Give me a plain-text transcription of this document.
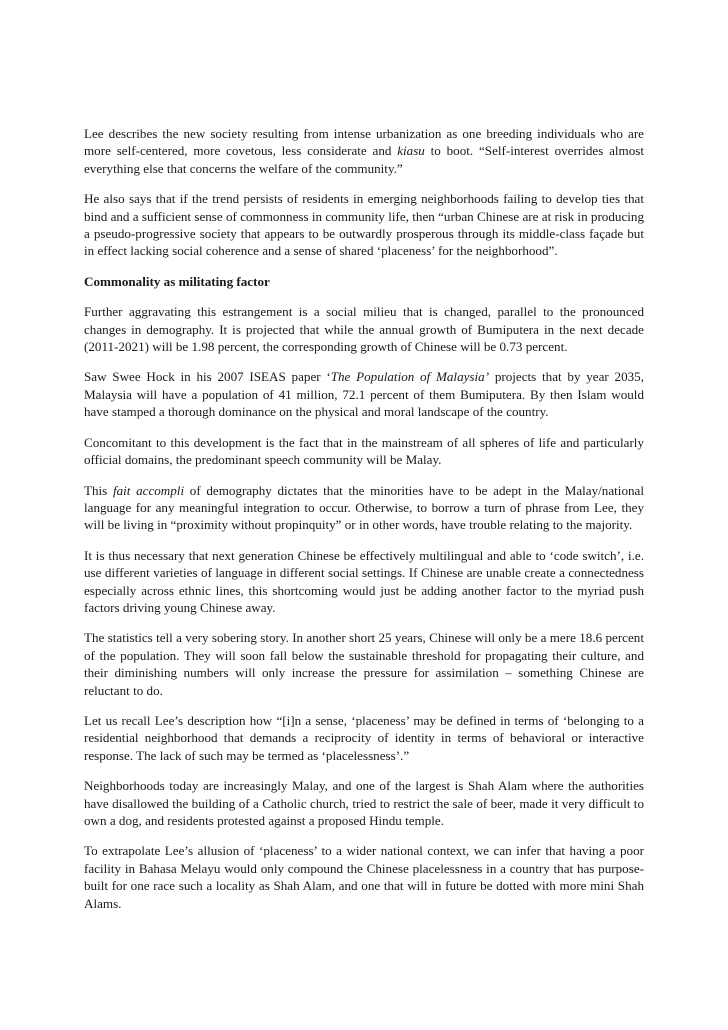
Lee describes the new society resulting from intense urbanization as one breeding individuals who are more self-centered, more covetous, less considerate and kiasu to boot. “Self-interest overrides almost everything else that concerns the welfare of the community.”

He also says that if the trend persists of residents in emerging neighborhoods failing to develop ties that bind and a sufficient sense of commonness in community life, then “urban Chinese are at risk in producing a pseudo-progressive society that appears to be outwardly prosperous through its middle-class façade but in effect lacking social coherence and a sense of shared ‘placeness’ for the neighborhood”.

Commonality as militating factor

Further aggravating this estrangement is a social milieu that is changed, parallel to the pronounced changes in demography. It is projected that while the annual growth of Bumiputera in the next decade (2011-2021) will be 1.98 percent, the corresponding growth of Chinese will be 0.73 percent.

Saw Swee Hock in his 2007 ISEAS paper ‘The Population of Malaysia’ projects that by year 2035, Malaysia will have a population of 41 million, 72.1 percent of them Bumiputera. By then Islam would have stamped a thorough dominance on the physical and moral landscape of the country.

Concomitant to this development is the fact that in the mainstream of all spheres of life and particularly official domains, the predominant speech community will be Malay.

This fait accompli of demography dictates that the minorities have to be adept in the Malay/national language for any meaningful integration to occur. Otherwise, to borrow a turn of phrase from Lee, they will be living in “proximity without propinquity” or in other words, have trouble relating to the majority.

It is thus necessary that next generation Chinese be effectively multilingual and able to ‘code switch’, i.e. use different varieties of language in different social settings. If Chinese are unable create a connectedness especially across ethnic lines, this shortcoming would just be adding another factor to the myriad push factors driving young Chinese away.

The statistics tell a very sobering story. In another short 25 years, Chinese will only be a mere 18.6 percent of the population. They will soon fall below the sustainable threshold for propagating their culture, and their diminishing numbers will only increase the pressure for assimilation – something Chinese are reluctant to do.

Let us recall Lee’s description how “[i]n a sense, ‘placeness’ may be defined in terms of ‘belonging to a residential neighborhood that demands a reciprocity of identity in terms of behavioral or interactive response. The lack of such may be termed as ‘placelessness’.”

Neighborhoods today are increasingly Malay, and one of the largest is Shah Alam where the authorities have disallowed the building of a Catholic church, tried to restrict the sale of beer, made it very difficult to own a dog, and residents protested against a proposed Hindu temple.

To extrapolate Lee’s allusion of ‘placeness’ to a wider national context, we can infer that having a poor facility in Bahasa Melayu would only compound the Chinese placelessness in a country that has purpose-built for one race such a locality as Shah Alam, and one that will in future be dotted with more mini Shah Alams.
